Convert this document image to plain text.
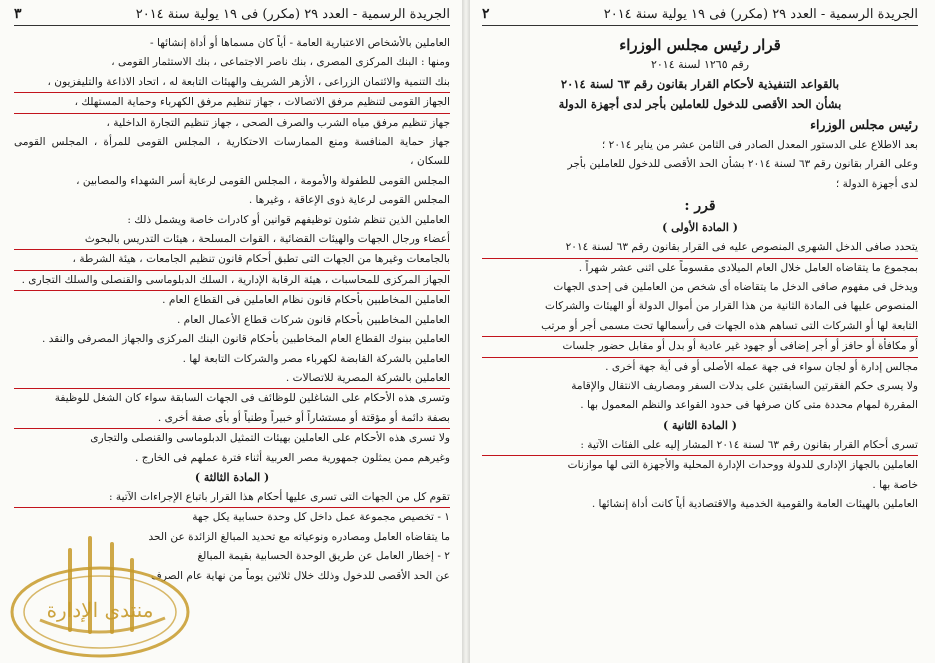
الجريدة الرسمية - العدد ٢٩ (مكرر) فى ١٩ يولية سنة ٢٠١٤
٣

العاملين بالأشخاص الاعتبارية العامة - أياً كان مسماها أو أداة إنشائها -

ومنها : البنك المركزى المصرى ، بنك ناصر الاجتماعى ، بنك الاستثمار القومى ،

بنك التنمية والائتمان الزراعى ، الأزهر الشريف والهيئات التابعة له ، اتحاد الاذاعة والتليفزيون ،

الجهاز القومى لتنظيم مرفق الاتصالات ، جهاز تنظيم مرفق الكهرباء وحماية المستهلك ،

جهاز تنظيم مرفق مياه الشرب والصرف الصحى ، جهاز تنظيم التجارة الداخلية ،

جهاز حماية المنافسة ومنع الممارسات الاحتكارية ، المجلس القومى للمرأة ، المجلس القومى للسكان ،

المجلس القومى للطفولة والأمومة ، المجلس القومى لرعاية أسر الشهداء والمصابين ،

المجلس القومى لرعاية ذوى الإعاقة ، وغيرها .

العاملين الذين تنظم شئون توظيفهم قوانين أو كادرات خاصة ويشمل ذلك :

أعضاء ورجال الجهات والهيئات القضائية ، القوات المسلحة ، هيئات التدريس بالبحوث

بالجامعات وغيرها من الجهات التى تطبق أحكام قانون تنظيم الجامعات ، هيئة الشرطة ،

الجهاز المركزى للمحاسبات ، هيئة الرقابة الإدارية ، السلك الدبلوماسى والقنصلى والسلك التجارى .

العاملين المخاطبين بأحكام قانون نظام العاملين فى القطاع العام .

العاملين المخاطبين بأحكام قانون شركات قطاع الأعمال العام .

العاملين ببنوك القطاع العام المخاطبين بأحكام قانون البنك المركزى والجهاز المصرفى والنقد .

العاملين بالشركة القابضة لكهرباء مصر والشركات التابعة لها .

العاملين بالشركة المصرية للاتصالات .

وتسرى هذه الأحكام على الشاغلين للوظائف فى الجهات السابقة سواء كان الشغل للوظيفة

بصفة دائمة أو مؤقتة أو مستشاراً أو خبيراً وطنياً أو بأى صفة أخرى .

ولا تسرى هذه الأحكام على العاملين بهيئات التمثيل الدبلوماسى والقنصلى والتجارى

وغيرهم ممن يمثلون جمهورية مصر العربية أثناء فترة عملهم فى الخارج .

( المادة الثالثة )

تقوم كل من الجهات التى تسرى عليها أحكام هذا القرار باتباع الإجراءات الآتية :

١ - تخصيص مجموعة عمل داخل كل وحدة حسابية يكل جهة

ما يتقاضاه العامل ومصادره ونوعياته مع تحديد المبالغ الزائدة عن الحد

٢ - إخطار العامل عن طريق الوحدة الحسابية بقيمة المبالغ

عن الحد الأقصى للدخول وذلك خلال ثلاثين يوماً من نهاية عام الصرف

الجريدة الرسمية - العدد ٢٩ (مكرر) فى ١٩ يولية سنة ٢٠١٤
٢

قرار رئيس مجلس الوزراء

رقم ١٢٦٥ لسنة ٢٠١٤

بالقواعد التنفيذية لأحكام القرار بقانون رقم ٦٣ لسنة ٢٠١٤

بشأن الحد الأقصى للدخول للعاملين بأجر لدى أجهزة الدولة

رئيس مجلس الوزراء

بعد الاطلاع على الدستور المعدل الصادر فى الثامن عشر من يناير ٢٠١٤ ؛

وعلى القرار بقانون رقم ٦٣ لسنة ٢٠١٤ بشأن الحد الأقصى للدخول للعاملين بأجر

لدى أجهزة الدولة ؛

قرر :

( المادة الأولى )

يتحدد صافى الدخل الشهرى المنصوص عليه فى القرار بقانون رقم ٦٣ لسنة ٢٠١٤

بمجموع ما يتقاضاه العامل خلال العام الميلادى مقسوماً على اثنى عشر شهراً .

ويدخل فى مفهوم صافى الدخل ما يتقاضاه أى شخص من العاملين فى إحدى الجهات

المنصوص عليها فى المادة الثانية من هذا القرار من أموال الدولة أو الهيئات والشركات

التابعة لها أو الشركات التى تساهم هذه الجهات فى رأسمالها تحت مسمى أجر أو مرتب

أو مكافأة أو حافز أو أجر إضافى أو جهود غير عادية أو بدل أو مقابل حضور جلسات

مجالس إدارة أو لجان سواء فى جهة عمله الأصلى أو فى أية جهة أخرى .

ولا يسرى حكم الفقرتين السابقتين على بدلات السفر ومصاريف الانتقال والإقامة

المقررة لمهام محددة متى كان صرفها فى حدود القواعد والنظم المعمول بها .

( المادة الثانية )

تسرى أحكام القرار بقانون رقم ٦٣ لسنة ٢٠١٤ المشار إليه على الفئات الآتية :

العاملين بالجهاز الإدارى للدولة ووحدات الإدارة المحلية والأجهزة التى لها موازنات

خاصة بها .

العاملين بالهيئات العامة والقومية الخدمية والاقتصادية أياً كانت أداة إنشائها .

منتدى الإدارة
